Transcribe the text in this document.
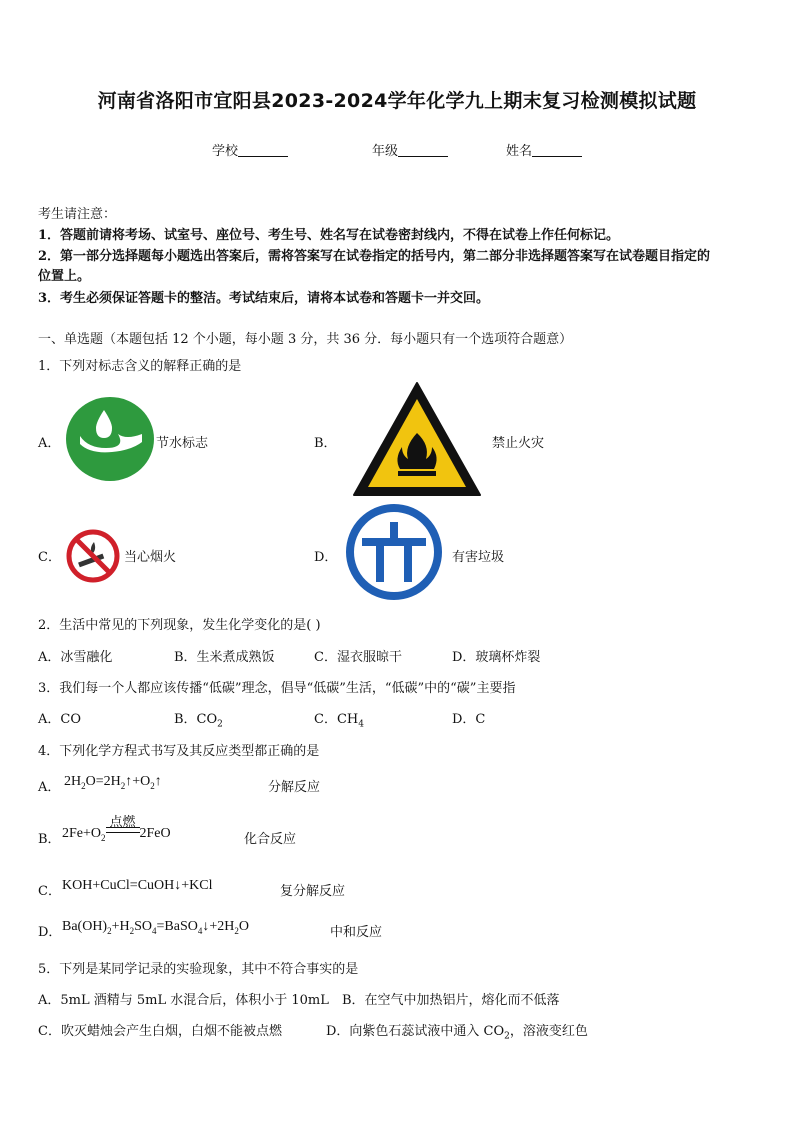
河南省洛阳市宜阳县2023-2024学年化学九上期末复习检测模拟试题
学校	年级	姓名
考生请注意：
1．答题前请将考场、试室号、座位号、考生号、姓名写在试卷密封线内，不得在试卷上作任何标记。
2．第一部分选择题每小题选出答案后，需将答案写在试卷指定的括号内，第二部分非选择题答案写在试卷题目指定的
位置上。
3．考生必须保证答题卡的整洁。考试结束后，请将本试卷和答题卡一并交回。
一、单选题（本题包括 12 个小题，每小题 3 分，共 36 分．每小题只有一个选项符合题意）
1．下列对标志含义的解释正确的是
A．	节水标志	B．	禁止火灾
C．	当心烟火	D．	有害垃圾
2．生活中常见的下列现象，发生化学变化的是( )
A．冰雪融化	B．生米煮成熟饭	C．湿衣服晾干	D．玻璃杯炸裂
3．我们每一个人都应该传播“低碳”理念，倡导“低碳”生活，“低碳”中的“碳”主要指
A．CO	B．$CO_2$	C．$CH_4$	D．C
4．下列化学方程式书写及其反应类型都正确的是
A． $2H_2O=2H_2↑+O_2↑$	分解反应
B． $2Fe+O_2$
点燃
2FeO	化合反应
C． KOH+CuCl=CuOH↓+KCl	复分解反应
D． $Ba(OH)_2+H_2SO_4=BaSO_4↓+2H_2O$	中和反应
5．下列是某同学记录的实验现象，其中不符合事实的是
A．5mL 酒精与 5mL 水混合后，体积小于 10mL B．在空气中加热铝片，熔化而不低落
C．吹灭蜡烛会产生白烟，白烟不能被点燃	D．向紫色石蕊试液中通入 $CO_2$，溶液变红色
